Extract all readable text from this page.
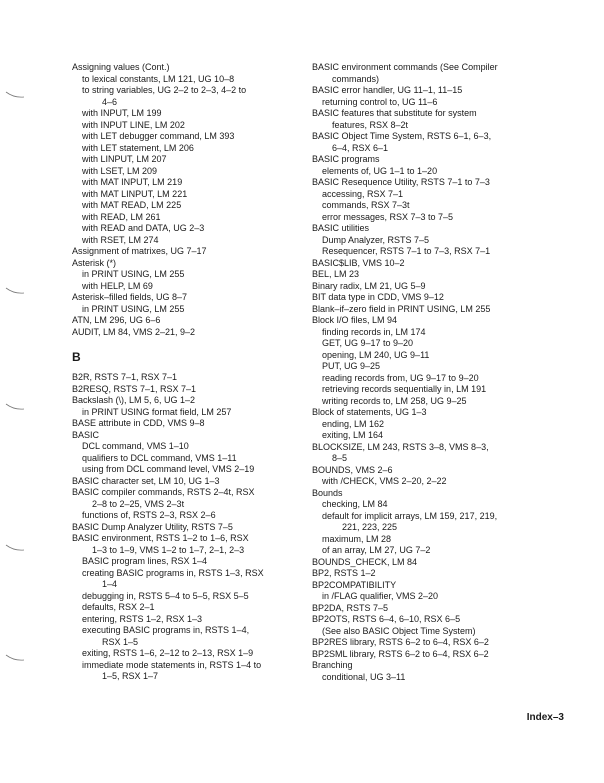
Assigning values (Cont.)
to lexical constants, LM 121, UG 10–8
to string variables, UG 2–2 to 2–3, 4–2 to
4–6
with INPUT, LM 199
with INPUT LINE, LM 202
with LET debugger command, LM 393
with LET statement, LM 206
with LINPUT, LM 207
with LSET, LM 209
with MAT INPUT, LM 219
with MAT LINPUT, LM 221
with MAT READ, LM 225
with READ, LM 261
with READ and DATA, UG 2–3
with RSET, LM 274
Assignment of matrixes, UG 7–17
Asterisk (*)
in PRINT USING, LM 255
with HELP, LM 69
Asterisk–filled fields, UG 8–7
in PRINT USING, LM 255
ATN, LM 296, UG 6–6
AUDIT, LM 84, VMS 2–21, 9–2
B
B2R, RSTS 7–1, RSX 7–1
B2RESQ, RSTS 7–1, RSX 7–1
Backslash (\), LM 5, 6, UG 1–2
in PRINT USING format field, LM 257
BASE attribute in CDD, VMS 9–8
BASIC
DCL command, VMS 1–10
qualifiers to DCL command, VMS 1–11
using from DCL command level, VMS 2–19
BASIC character set, LM 10, UG 1–3
BASIC compiler commands, RSTS 2–4t, RSX
2–8 to 2–25, VMS 2–3t
functions of, RSTS 2–3, RSX 2–6
BASIC Dump Analyzer Utility, RSTS 7–5
BASIC environment, RSTS 1–2 to 1–6, RSX
1–3 to 1–9, VMS 1–2 to 1–7, 2–1, 2–3
BASIC program lines, RSX 1–4
creating BASIC programs in, RSTS 1–3, RSX
1–4
debugging in, RSTS 5–4 to 5–5, RSX 5–5
defaults, RSX 2–1
entering, RSTS 1–2, RSX 1–3
executing BASIC programs in, RSTS 1–4,
RSX 1–5
exiting, RSTS 1–6, 2–12 to 2–13, RSX 1–9
immediate mode statements in, RSTS 1–4 to
1–5, RSX 1–7
BASIC environment commands (See Compiler
commands)
BASIC error handler, UG 11–1, 11–15
returning control to, UG 11–6
BASIC features that substitute for system
features, RSX 8–2t
BASIC Object Time System, RSTS 6–1, 6–3,
6–4, RSX 6–1
BASIC programs
elements of, UG 1–1 to 1–20
BASIC Resequence Utility, RSTS 7–1 to 7–3
accessing, RSX 7–1
commands, RSX 7–3t
error messages, RSX 7–3 to 7–5
BASIC utilities
Dump Analyzer, RSTS 7–5
Resequencer, RSTS 7–1 to 7–3, RSX 7–1
BASIC$LIB, VMS 10–2
BEL, LM 23
Binary radix, LM 21, UG 5–9
BIT data type in CDD, VMS 9–12
Blank–if–zero field in PRINT USING, LM 255
Block I/O files, LM 94
finding records in, LM 174
GET, UG 9–17 to 9–20
opening, LM 240, UG 9–11
PUT, UG 9–25
reading records from, UG 9–17 to 9–20
retrieving records sequentially in, LM 191
writing records to, LM 258, UG 9–25
Block of statements, UG 1–3
ending, LM 162
exiting, LM 164
BLOCKSIZE, LM 243, RSTS 3–8, VMS 8–3,
8–5
BOUNDS, VMS 2–6
with /CHECK, VMS 2–20, 2–22
Bounds
checking, LM 84
default for implicit arrays, LM 159, 217, 219,
221, 223, 225
maximum, LM 28
of an array, LM 27, UG 7–2
BOUNDS_CHECK, LM 84
BP2, RSTS 1–2
BP2COMPATIBILITY
in /FLAG qualifier, VMS 2–20
BP2DA, RSTS 7–5
BP2OTS, RSTS 6–4, 6–10, RSX 6–5
(See also BASIC Object Time System)
BP2RES library, RSTS 6–2 to 6–4, RSX 6–2
BP2SML library, RSTS 6–2 to 6–4, RSX 6–2
Branching
conditional, UG 3–11
Index–3
